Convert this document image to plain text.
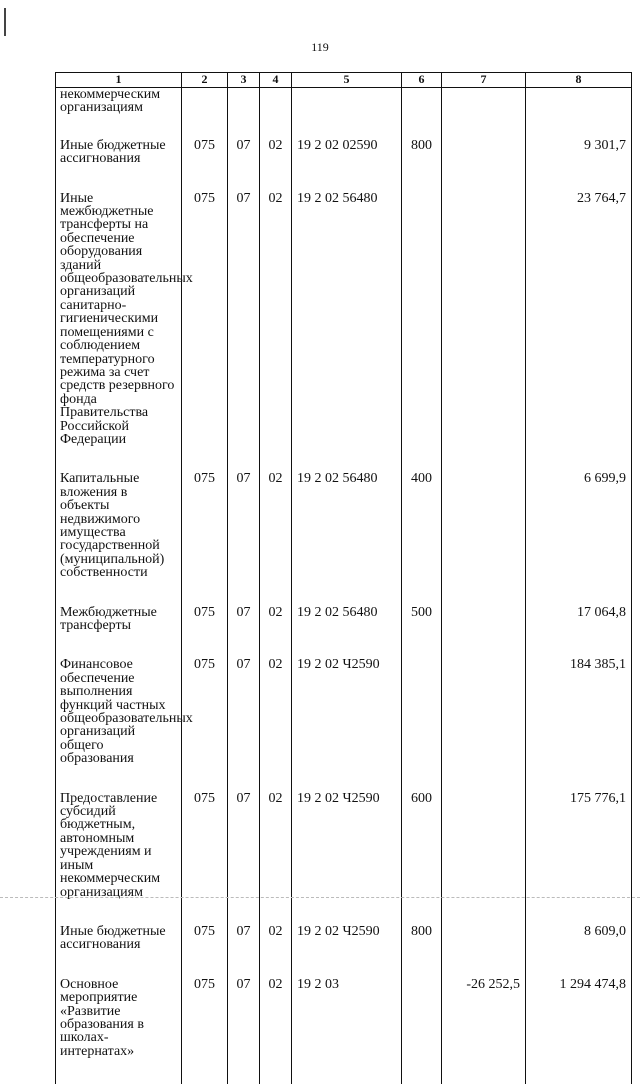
119
1	2	3	4	5	6	7	8
некоммерческим организациям							
Иные бюджетные ассигнования	075	07	02	19 2 02 02590	800		9 301,7
Иные межбюджетные трансферты на обеспечение оборудования зданий общеобразовательных организаций санитарно-гигиеническими помещениями с соблюдением температурного режима за счет средств резервного фонда Правительства Российской Федерации	075	07	02	19 2 02 56480			23 764,7
Капитальные вложения в объекты недвижимого имущества государственной (муниципальной) собственности	075	07	02	19 2 02 56480	400		6 699,9
Межбюджетные трансферты	075	07	02	19 2 02 56480	500		17 064,8
Финансовое обеспечение выполнения функций частных общеобразовательных организаций общего образования	075	07	02	19 2 02 Ч2590			184 385,1
Предоставление субсидий бюджетным, автономным учреждениям и иным некоммерческим организациям	075	07	02	19 2 02 Ч2590	600		175 776,1
Иные бюджетные ассигнования	075	07	02	19 2 02 Ч2590	800		8 609,0
Основное мероприятие «Развитие образования в школах-интернатах»	075	07	02	19 2 03		-26 252,5	1 294 474,8
